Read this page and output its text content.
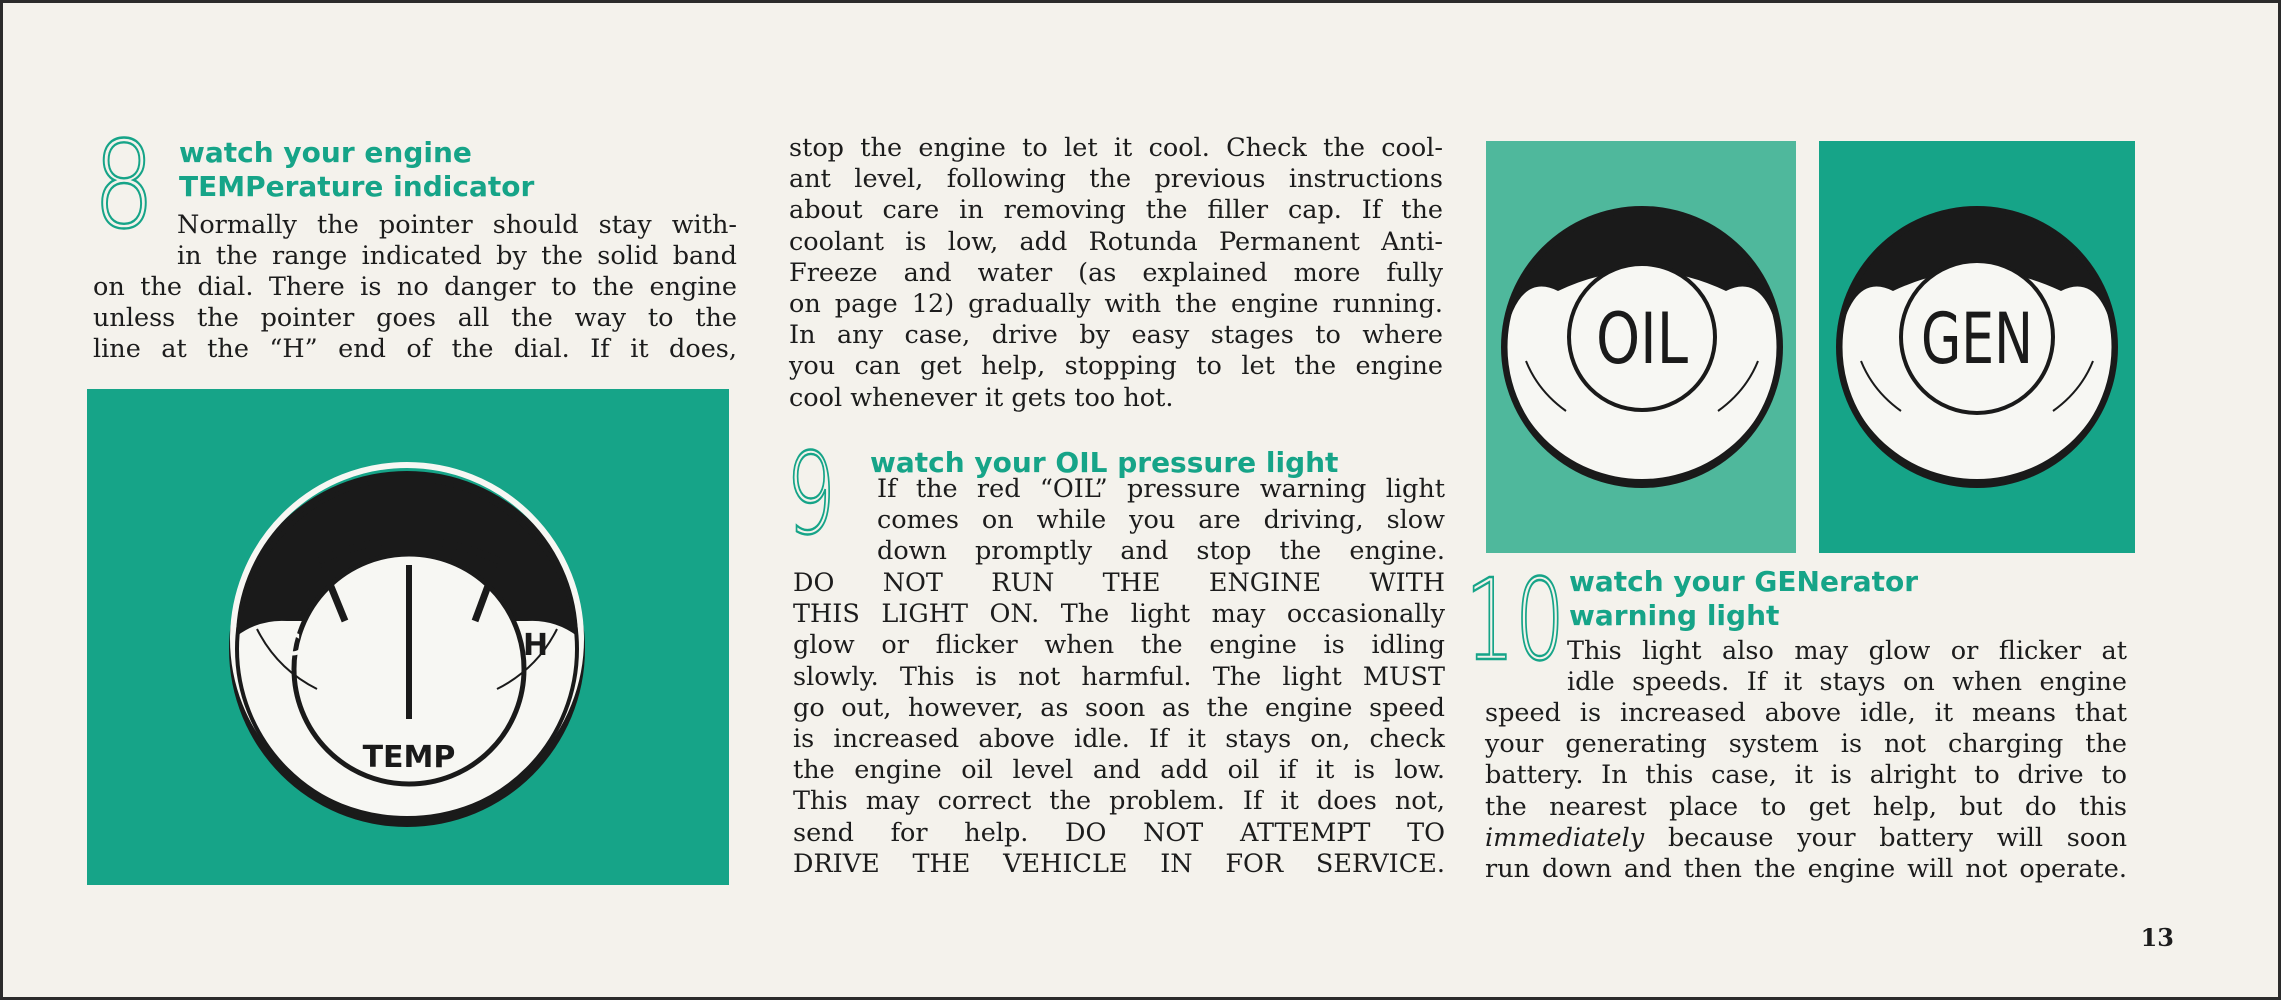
8 watch your engine
TEMPerature indicator
Normally the pointer should stay with-
in the range indicated by the solid band
on the dial. There is no danger to the engine
unless the pointer goes all the way to the
line at the “H” end of the dial. If it does,
C	H
TEMP
stop the engine to let it cool. Check the cool-
ant level, following the previous instructions
about care in removing the filler cap. If the
coolant is low, add Rotunda Permanent Anti-
Freeze and water (as explained more fully
on page 12) gradually with the engine running.
In any case, drive by easy stages to where
you can get help, stopping to let the engine
cool whenever it gets too hot.
9 watch your OIL pressure light
If the red “OIL” pressure warning light
comes on while you are driving, slow
down promptly and stop the engine.
DO NOT RUN THE ENGINE WITH
THIS LIGHT ON. The light may occasionally
glow or flicker when the engine is idling
slowly. This is not harmful. The light MUST
go out, however, as soon as the engine speed
is increased above idle. If it stays on, check
the engine oil level and add oil if it is low.
This may correct the problem. If it does not,
send for help. DO NOT ATTEMPT TO
DRIVE THE VEHICLE IN FOR SERVICE.
OIL	GEN
10 watch your GENerator
warning light
This light also may glow or flicker at
idle speeds. If it stays on when engine
speed is increased above idle, it means that
your generating system is not charging the
battery. In this case, it is alright to drive to
the nearest place to get help, but do this
immediately because your battery will soon
run down and then the engine will not operate.
13
